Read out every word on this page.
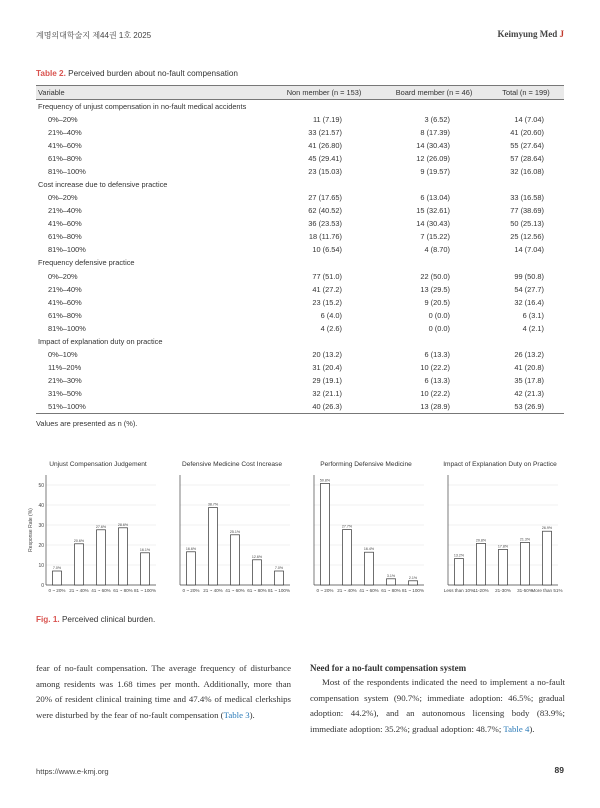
계명의대학술지 제44권 1호 2025	Keimyung Med J
Table 2. Perceived burden about no-fault compensation
Variable	Non member (n = 153)	Board member (n = 46)	Total (n = 199)
Frequency of unjust compensation in no-fault medical accidents			
0%–20%	11 (7.19)	3 (6.52)	14 (7.04)
21%–40%	33 (21.57)	8 (17.39)	41 (20.60)
41%–60%	41 (26.80)	14 (30.43)	55 (27.64)
61%–80%	45 (29.41)	12 (26.09)	57 (28.64)
81%–100%	23 (15.03)	9 (19.57)	32 (16.08)
Cost increase due to defensive practice			
0%–20%	27 (17.65)	6 (13.04)	33 (16.58)
21%–40%	62 (40.52)	15 (32.61)	77 (38.69)
41%–60%	36 (23.53)	14 (30.43)	50 (25.13)
61%–80%	18 (11.76)	7 (15.22)	25 (12.56)
81%–100%	10 (6.54)	4 (8.70)	14 (7.04)
Frequency defensive practice			
0%–20%	77 (51.0)	22 (50.0)	99 (50.8)
21%–40%	41 (27.2)	13 (29.5)	54 (27.7)
41%–60%	23 (15.2)	9 (20.5)	32 (16.4)
61%–80%	6 (4.0)	0 (0.0)	6 (3.1)
81%–100%	4 (2.6)	0 (0.0)	4 (2.1)
Impact of explanation duty on practice			
0%–10%	20 (13.2)	6 (13.3)	26 (13.2)
11%–20%	31 (20.4)	10 (22.2)	41 (20.8)
21%–30%	29 (19.1)	6 (13.3)	35 (17.8)
31%–50%	32 (21.1)	10 (22.2)	42 (21.3)
51%–100%	40 (26.3)	13 (28.9)	53 (26.9)
Values are presented as n (%).
Unjust Compensation Judgement
0
10
20
30
40
50
Response Rate (%)
7.0%
0 ~ 20%
20.6%
21 ~ 40%
27.6%
41 ~ 60%
28.6%
61 ~ 80%
16.1%
81 ~ 100%
Defensive Medicine Cost Increase
16.6%
0 ~ 20%
38.7%
21 ~ 40%
25.1%
41 ~ 60%
12.6%
61 ~ 80%
7.0%
81 ~ 100%
Performing Defensive Medicine
50.8%
0 ~ 20%
27.7%
21 ~ 40%
16.4%
41 ~ 60%
3.1%
61 ~ 80%
2.1%
81 ~ 100%
Impact of Explanation Duty on Practice
13.2%
Less than 10%
20.8%
11-20%
17.8%
21-30%
21.3%
31-50%
26.9%
More than 51%
Fig. 1. Perceived clinical burden.

fear of no-fault compensation. The average frequency of disturbance among residents was 1.68 times per month. Additionally, more than 20% of resident clinical training time and 47.4% of medical clerkships were disturbed by the fear of no-fault compensation (Table 3).

Need for a no-fault compensation system

Most of the respondents indicated the need to implement a no-fault compensation system (90.7%; immediate adoption: 46.5%; gradual adoption: 44.2%), and an autonomous licensing body (83.9%; immediate adoption: 35.2%; gradual adoption: 48.7%; Table 4).

https://www.e-kmj.org	89
